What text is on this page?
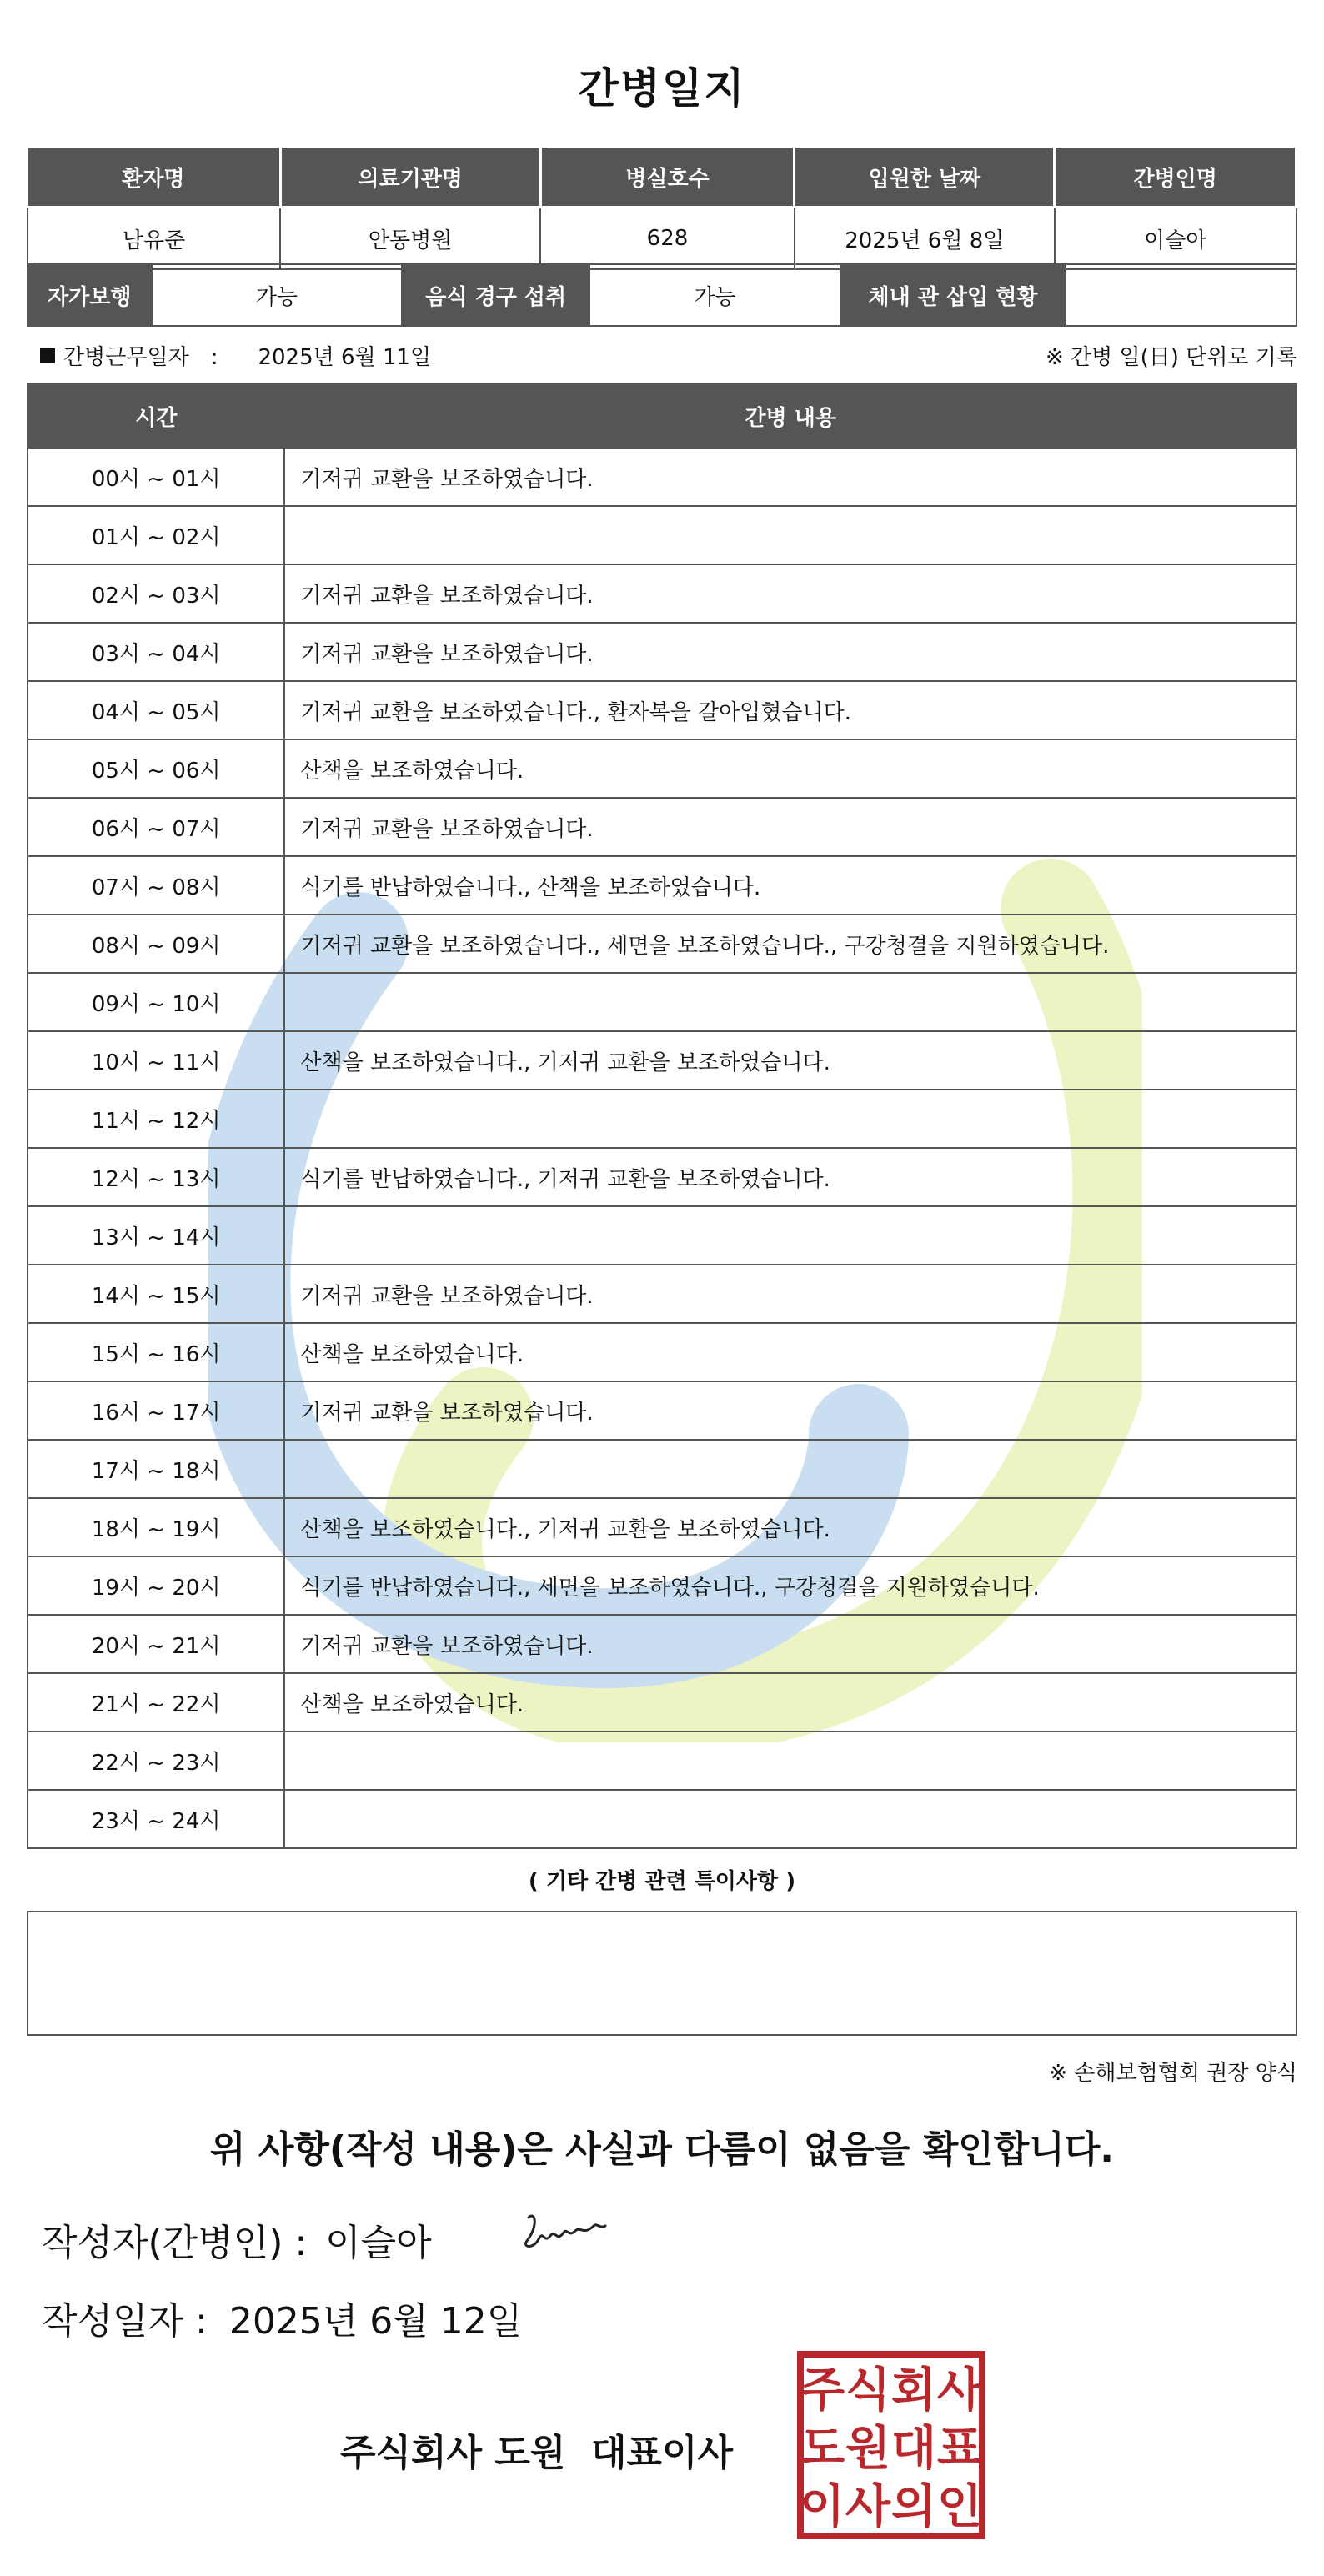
간병일지
환자명	의료기관명	병실호수	입원한 날짜	간병인명
남유준	안동병원	628	2025년 6월 8일	이슬아
자가보행	가능	음식 경구 섭취	가능	체내 관 삽입 현황	
간병근무일자　: 2025년 6월 11일	※ 간병 일(日) 단위로 기록
시간	간병 내용
00시 ~ 01시	기저귀 교환을 보조하였습니다.
01시 ~ 02시	
02시 ~ 03시	기저귀 교환을 보조하였습니다.
03시 ~ 04시	기저귀 교환을 보조하였습니다.
04시 ~ 05시	기저귀 교환을 보조하였습니다., 환자복을 갈아입혔습니다.
05시 ~ 06시	산책을 보조하였습니다.
06시 ~ 07시	기저귀 교환을 보조하였습니다.
07시 ~ 08시	식기를 반납하였습니다., 산책을 보조하였습니다.
08시 ~ 09시	기저귀 교환을 보조하였습니다., 세면을 보조하였습니다., 구강청결을 지원하였습니다.
09시 ~ 10시	
10시 ~ 11시	산책을 보조하였습니다., 기저귀 교환을 보조하였습니다.
11시 ~ 12시	
12시 ~ 13시	식기를 반납하였습니다., 기저귀 교환을 보조하였습니다.
13시 ~ 14시	
14시 ~ 15시	기저귀 교환을 보조하였습니다.
15시 ~ 16시	산책을 보조하였습니다.
16시 ~ 17시	기저귀 교환을 보조하였습니다.
17시 ~ 18시	
18시 ~ 19시	산책을 보조하였습니다., 기저귀 교환을 보조하였습니다.
19시 ~ 20시	식기를 반납하였습니다., 세면을 보조하였습니다., 구강청결을 지원하였습니다.
20시 ~ 21시	기저귀 교환을 보조하였습니다.
21시 ~ 22시	산책을 보조하였습니다.
22시 ~ 23시	
23시 ~ 24시	
( 기타 간병 관련 특이사항 )
※ 손해보험협회 권장 양식
위 사항(작성 내용)은 사실과 다름이 없음을 확인합니다.
작성자(간병인) : 이슬아
작성일자 : 2025년 6월 12일
주식회사 도원  대표이사
주 식 회 사
도 원 대 표
이 사 의 인
